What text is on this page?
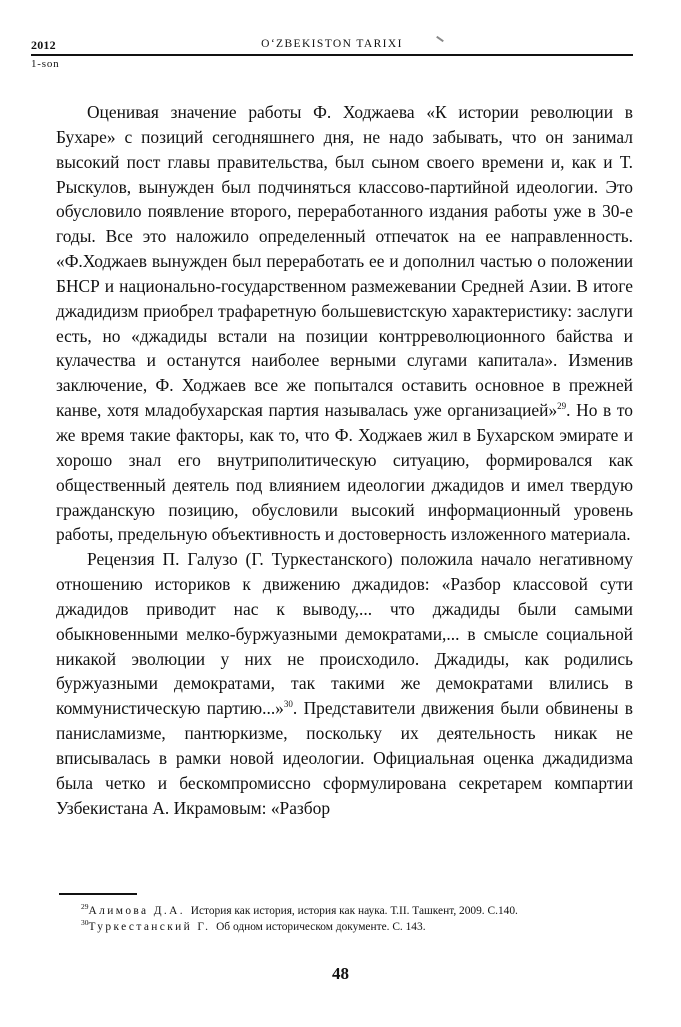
2012	O‘ZBEKISTON TARIXI
1-son

Оценивая значение работы Ф. Ходжаева «К истории революции в Бухаре» с позиций сегодняшнего дня, не надо забывать, что он занимал высокий пост главы правительства, был сыном своего времени и, как и Т. Рыскулов, вынужден был подчиняться классово-партийной идеологии. Это обусловило появление второго, переработанного издания работы уже в 30-е годы. Все это наложило определенный отпечаток на ее направленность. «Ф.Ходжаев вынужден был переработать ее и дополнил частью о положении БНСР и национально-государственном размежевании Средней Азии. В итоге джадидизм приобрел трафаретную большевистскую характеристику: заслуги есть, но «джадиды встали на позиции контрреволюционного байства и кулачества и останутся наиболее верными слугами капитала». Изменив заключение, Ф. Ходжаев все же попытался оставить основное в прежней канве, хотя младобухарская партия называлась уже организацией»$^{29}$. Но в то же время такие факторы, как то, что Ф. Ходжаев жил в Бухарском эмирате и хорошо знал его внутриполитическую ситуацию, формировался как общественный деятель под влиянием идеологии джадидов и имел твердую гражданскую позицию, обусловили высокий информационный уровень работы, предельную объективность и достоверность изложенного материала.

Рецензия П. Галузо (Г. Туркестанского) положила начало негативному отношению историков к движению джадидов: «Разбор классовой сути джадидов приводит нас к выводу,... что джадиды были самыми обыкновенными мелко-буржуазными демократами,... в смысле социальной никакой эволюции у них не происходило. Джадиды, как родились буржуазными демократами, так такими же демократами влились в коммунистическую партию...»$^{30}$. Представители движения были обвинены в панисламизме, пантюркизме, поскольку их деятельность никак не вписывалась в рамки новой идеологии. Официальная оценка джадидизма была четко и бескомпромиссно сформулирована секретарем компартии Узбекистана А. Икрамовым: «Разбор

$^{29}$Алимова Д.А. История как история, история как наука. Т.II. Ташкент, 2009. С.140.

$^{30}$Туркестанский Г. Об одном историческом документе. С. 143.

48
